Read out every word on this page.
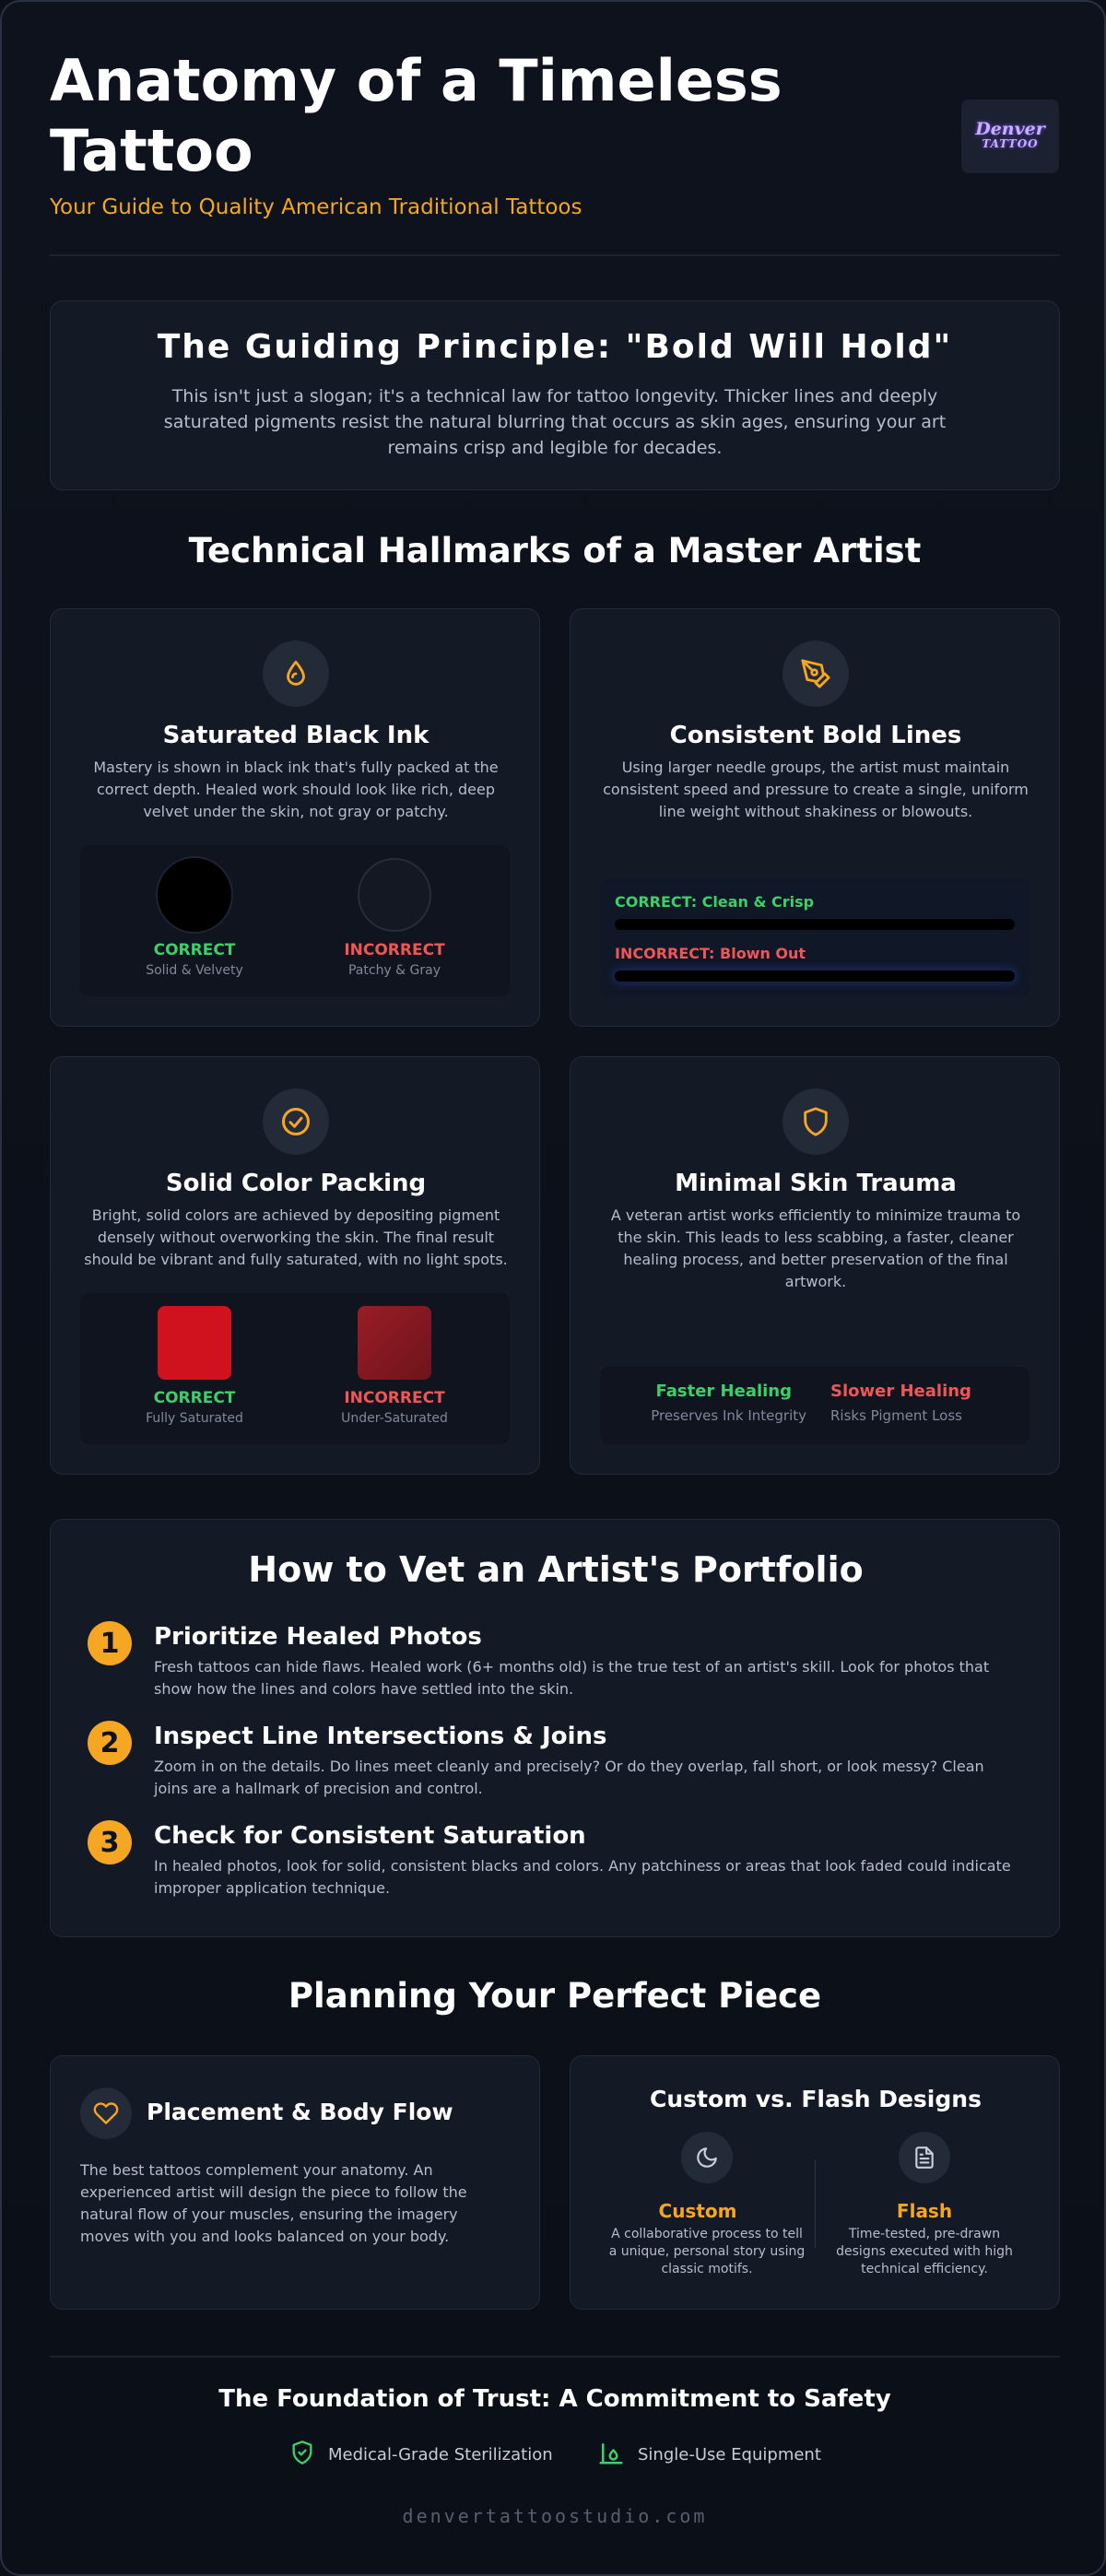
Anatomy of a Timeless Tattoo
Your Guide to Quality American Traditional Tattoos
Denver
TATTOO
The Guiding Principle: "Bold Will Hold"
This isn't just a slogan; it's a technical law for tattoo longevity. Thicker lines and deeply saturated pigments resist the natural blurring that occurs as skin ages, ensuring your art remains crisp and legible for decades.
Technical Hallmarks of a Master Artist
Saturated Black Ink
Mastery is shown in black ink that's fully packed at the correct depth. Healed work should look like rich, deep velvet under the skin, not gray or patchy.
CORRECT
Solid & Velvety
INCORRECT
Patchy & Gray
Consistent Bold Lines
Using larger needle groups, the artist must maintain consistent speed and pressure to create a single, uniform line weight without shakiness or blowouts.
CORRECT: Clean & Crisp
INCORRECT: Blown Out
Solid Color Packing
Bright, solid colors are achieved by depositing pigment densely without overworking the skin. The final result should be vibrant and fully saturated, with no light spots.
CORRECT
Fully Saturated
INCORRECT
Under-Saturated
Minimal Skin Trauma
A veteran artist works efficiently to minimize trauma to the skin. This leads to less scabbing, a faster, cleaner healing process, and better preservation of the final artwork.
Faster Healing
Preserves Ink Integrity
Slower Healing
Risks Pigment Loss
How to Vet an Artist's Portfolio
1	Prioritize Healed Photos
Fresh tattoos can hide flaws. Healed work (6+ months old) is the true test of an artist's skill. Look for photos that show how the lines and colors have settled into the skin.
2	Inspect Line Intersections & Joins
Zoom in on the details. Do lines meet cleanly and precisely? Or do they overlap, fall short, or look messy? Clean joins are a hallmark of precision and control.
3	Check for Consistent Saturation
In healed photos, look for solid, consistent blacks and colors. Any patchiness or areas that look faded could indicate improper application technique.
Planning Your Perfect Piece
Placement & Body Flow
The best tattoos complement your anatomy. An experienced artist will design the piece to follow the natural flow of your muscles, ensuring the imagery moves with you and looks balanced on your body.
Custom vs. Flash Designs
Custom
A collaborative process to tell a unique, personal story using classic motifs.
Flash
Time-tested, pre-drawn designs executed with high technical efficiency.
The Foundation of Trust: A Commitment to Safety
Medical-Grade Sterilization	Single-Use Equipment
denvertattoostudio.com
